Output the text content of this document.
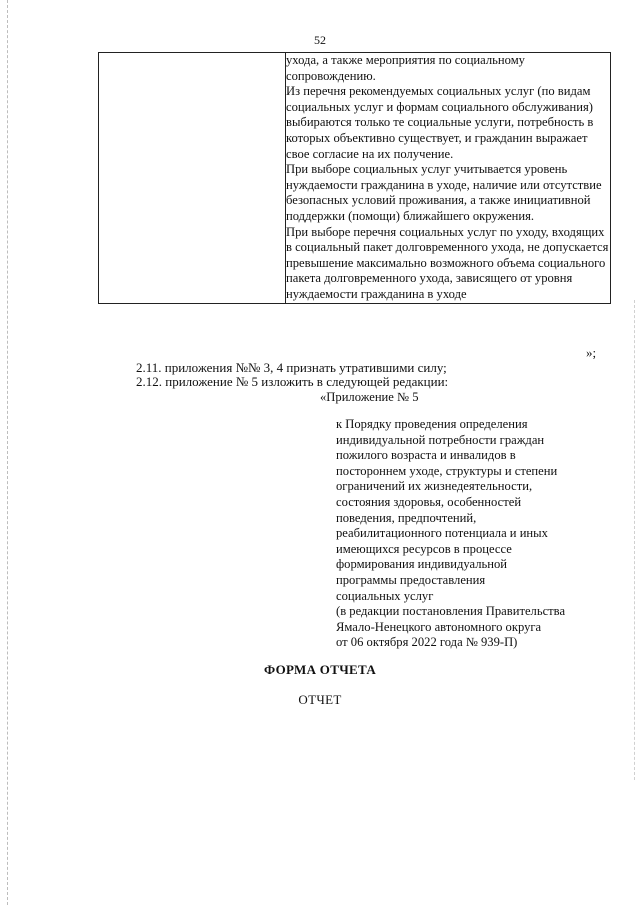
52

ухода, а также мероприятия по социальному сопровождению.
Из перечня рекомендуемых социальных услуг (по видам социальных услуг и формам социального обслуживания) выбираются только те социальные услуги, потребность в которых объективно существует, и гражданин выражает свое согласие на их получение.
При выборе социальных услуг учитывается уровень нуждаемости гражданина в уходе, наличие или отсутствие безопасных условий проживания, а также инициативной поддержки (помощи) ближайшего окружения.
При выборе перечня социальных услуг по уходу, входящих в социальный пакет долговременного ухода, не допускается превышение максимально возможного объема социального пакета долговременного ухода, зависящего от уровня нуждаемости гражданина в уходе
»;
2.11. приложения №№ 3, 4 признать утратившими силу;
2.12. приложение № 5 изложить в следующей редакции:
«Приложение № 5
к Порядку проведения определения
индивидуальной потребности граждан
пожилого возраста и инвалидов в
постороннем уходе, структуры и степени
ограничений их жизнедеятельности,
состояния здоровья, особенностей
поведения, предпочтений,
реабилитационного потенциала и иных
имеющихся ресурсов в процессе
формирования индивидуальной
программы предоставления
социальных услуг
(в редакции постановления Правительства
Ямало-Ненецкого автономного округа
от 06 октября 2022 года № 939-П)
ФОРМА ОТЧЕТА
ОТЧЕТ
